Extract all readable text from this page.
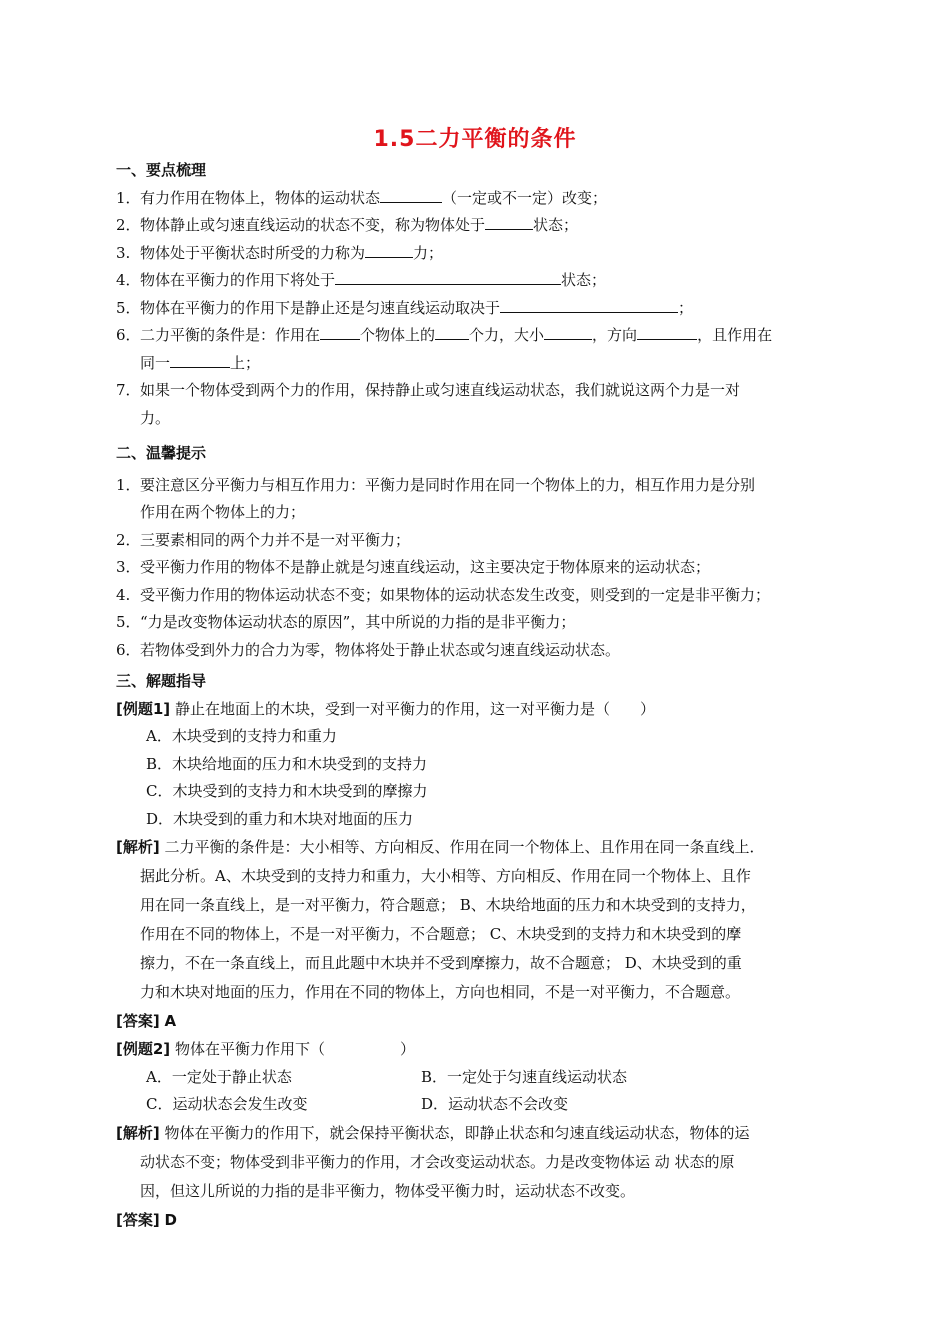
1.5二力平衡的条件
一、要点梳理
1． 有力作用在物体上，物体的运动状态	（一定或不一定）改变；
2． 物体静止或匀速直线运动的状态不变，称为物体处于	状态；
3. 物体处于平衡状态时所受的力称为	力；
4． 物体在平衡力的作用下将处于	状态；
5． 物体在平衡力的作用下是静止还是匀速直线运动取决于	；
6． 二力平衡的条件是：作用在	个物体上的 个力，大小	，方向	，且作用在
同一	上；
7． 如果一个物体受到两个力的作用，保持静止或匀速直线运动状态，我们就说这两个力是一对
力。
二、温馨提示
1． 要注意区分平衡力与相互作用力：平衡力是同时作用在同一个物体上的力，相互作用力是分别
作用在两个物体上的力；
2． 三要素相同的两个力并不是一对平衡力；
3． 受平衡力作用的物体不是静止就是匀速直线运动，这主要决定于物体原来的运动状态；
4. 受平衡力作用的物体运动状态不变；如果物体的运动状态发生改变，则受到的一定是非平衡力；
5． “力是改变物体运动状态的原因”，其中所说的力指的是非平衡力；
6． 若物体受到外力的合力为零，物体将处于静止状态或匀速直线运动状态。
三、解题指导
[例题1] 静止在地面上的木块，受到一对平衡力的作用，这一对平衡力是（　　）
A．木块受到的支持力和重力
B．木块给地面的压力和木块受到的支持力
C．木块受到的支持力和木块受到的摩擦力
D．木块受到的重力和木块对地面的压力
[解析] 二力平衡的条件是：大小相等、方向相反、作用在同一个物体上、且作用在同一条直线上．
据此分析。A、木块受到的支持力和重力，大小相等、方向相反、作用在同一个物体上、且作
用在同一条直线上，是一对平衡力，符合题意； B、木块给地面的压力和木块受到的支持力，
作用在不同的物体上，不是一对平衡力，不合题意； C、木块受到的支持力和木块受到的摩
擦力，不在一条直线上，而且此题中木块并不受到摩擦力，故不合题意； D、木块受到的重
力和木块对地面的压力，作用在不同的物体上，方向也相同，不是一对平衡力，不合题意。
[答案] A
[例题2] 物体在平衡力作用下（　　　　　）
A．一定处于静止状态	B．一定处于匀速直线运动状态
C．运动状态会发生改变	D．运动状态不会改变
[解析] 物体在平衡力的作用下，就会保持平衡状态，即静止状态和匀速直线运动状态，物体的运
动状态不变；物体受到非平衡力的作用，才会改变运动状态。力是改变物体运 动 状态的原
因，但这儿所说的力指的是非平衡力，物体受平衡力时，运动状态不改变。
[答案] D
